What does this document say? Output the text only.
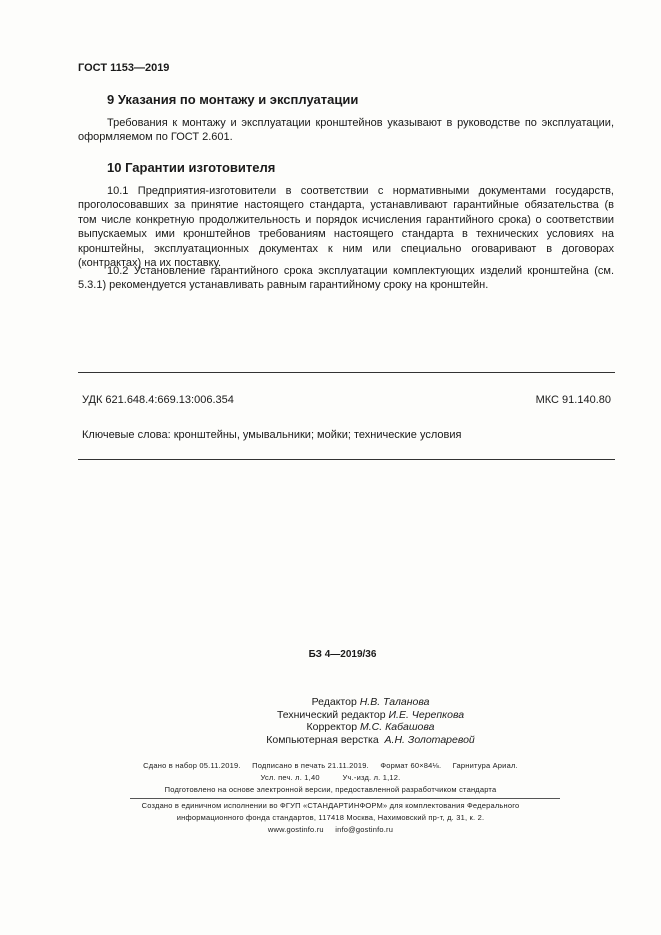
ГОСТ 1153—2019
9 Указания по монтажу и эксплуатации
Требования к монтажу и эксплуатации кронштейнов указывают в руководстве по эксплуатации, оформляемом по ГОСТ 2.601.
10 Гарантии изготовителя
10.1 Предприятия-изготовители в соответствии с нормативными документами государств, проголосовавших за принятие настоящего стандарта, устанавливают гарантийные обязательства (в том числе конкретную продолжительность и порядок исчисления гарантийного срока) о соответствии выпускаемых ими кронштейнов требованиям настоящего стандарта в технических условиях на кронштейны, эксплуатационных документах к ним или специально оговаривают в договорах (контрактах) на их поставку.
10.2 Установление гарантийного срока эксплуатации комплектующих изделий кронштейна (см. 5.3.1) рекомендуется устанавливать равным гарантийному сроку на кронштейн.
УДК 621.648.4:669.13:006.354	МКС 91.140.80
Ключевые слова: кронштейны, умывальники; мойки; технические условия
БЗ 4—2019/36
Редактор Н.В. Таланова
Технический редактор И.Е. Черепкова
Корректор М.С. Кабашова
Компьютерная верстка А.Н. Золотаревой
Сдано в набор 05.11.2019.     Подписано в печать 21.11.2019.     Формат 60×84⅛.     Гарнитура Ариал.
Усл. печ. л. 1,40          Уч.-изд. л. 1,12.
Подготовлено на основе электронной версии, предоставленной разработчиком стандарта
Создано в единичном исполнении во ФГУП «СТАНДАРТИНФОРМ» для комплектования Федерального
информационного фонда стандартов, 117418 Москва, Нахимовский пр-т, д. 31, к. 2.
www.gostinfo.ru     info@gostinfo.ru
